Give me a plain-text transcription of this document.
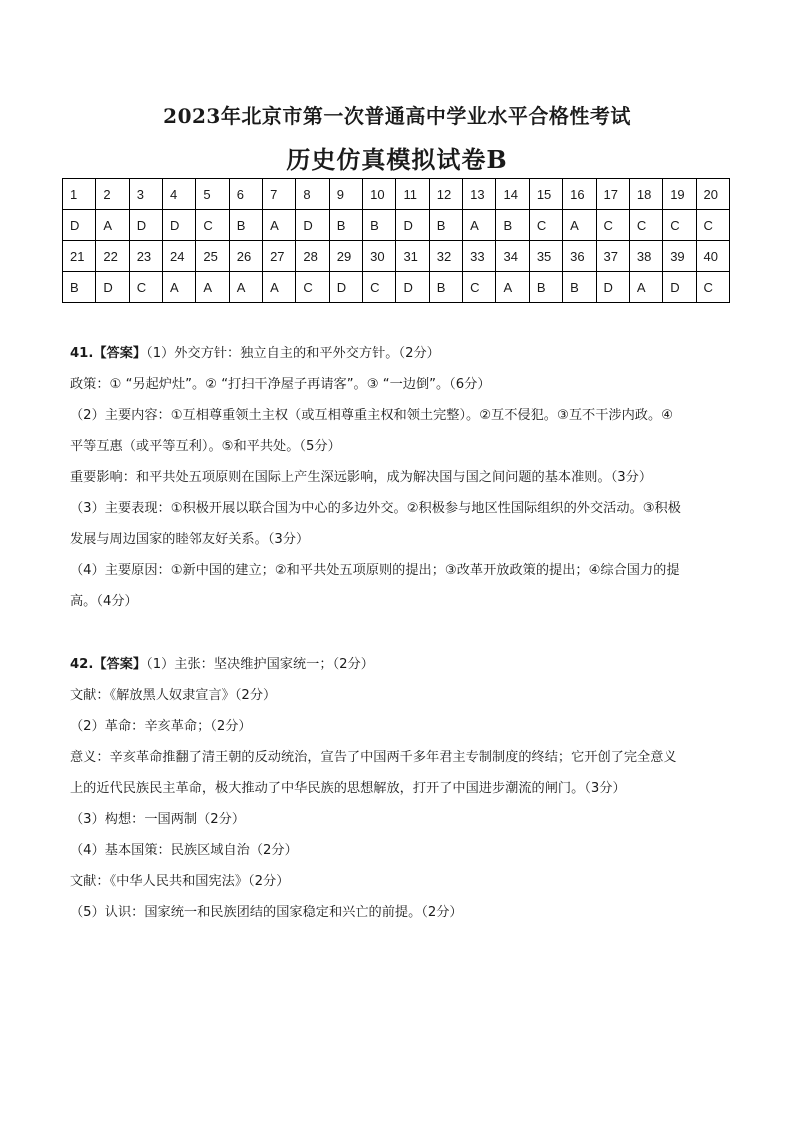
2023年北京市第一次普通高中学业水平合格性考试
历史仿真模拟试卷B
1	2	3	4	5	6	7	8	9	10	11	12	13	14	15	16	17	18	19	20
D	A	D	D	C	B	A	D	B	B	D	B	A	B	C	A	C	C	C	C
21	22	23	24	25	26	27	28	29	30	31	32	33	34	35	36	37	38	39	40
B	D	C	A	A	A	A	C	D	C	D	B	C	A	B	B	D	A	D	C
41.【答案】（1）外交方针：独立自主的和平外交方针。（2分）
政策：① “另起炉灶”。② “打扫干净屋子再请客”。③ “一边倒”。（6分）
（2）主要内容：①互相尊重领土主权（或互相尊重主权和领土完整）。②互不侵犯。③互不干涉内政。④
平等互惠（或平等互利）。⑤和平共处。（5分）
重要影响：和平共处五项原则在国际上产生深远影响，成为解决国与国之间问题的基本准则。（3分）
（3）主要表现：①积极开展以联合国为中心的多边外交。②积极参与地区性国际组织的外交活动。③积极
发展与周边国家的睦邻友好关系。（3分）
（4）主要原因：①新中国的建立；②和平共处五项原则的提出；③改革开放政策的提出；④综合国力的提
高。（4分）
42.【答案】（1）主张：坚决维护国家统一；（2分）
文献：《解放黑人奴隶宣言》（2分）
（2）革命：辛亥革命；（2分）
意义：辛亥革命推翻了清王朝的反动统治，宣告了中国两千多年君主专制制度的终结；它开创了完全意义
上的近代民族民主革命，极大推动了中华民族的思想解放，打开了中国进步潮流的闸门。（3分）
（3）构想：一国两制（2分）
（4）基本国策：民族区域自治（2分）
文献：《中华人民共和国宪法》（2分）
（5）认识：国家统一和民族团结的国家稳定和兴亡的前提。（2分）
